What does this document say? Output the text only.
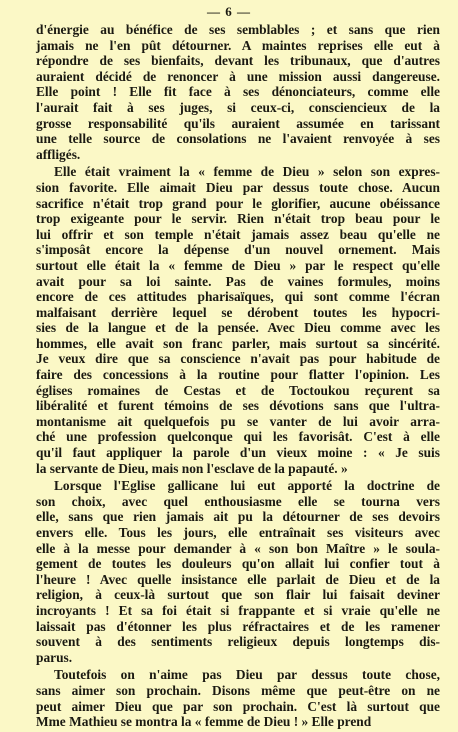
— 6 —
d'énergie au bénéfice de ses semblables ; et sans que rien
jamais ne l'en pût détourner. A maintes reprises elle eut à
répondre de ses bienfaits, devant les tribunaux, que d'autres
auraient décidé de renoncer à une mission aussi dangereuse.
Elle point ! Elle fit face à ses dénonciateurs, comme elle
l'aurait fait à ses juges, si ceux-ci, consciencieux de la
grosse responsabilité qu'ils auraient assumée en tarissant
une telle source de consolations ne l'avaient renvoyée à ses
affligés.
Elle était vraiment la « femme de Dieu » selon son expres-
sion favorite. Elle aimait Dieu par dessus toute chose. Aucun
sacrifice n'était trop grand pour le glorifier, aucune obéissance
trop exigeante pour le servir. Rien n'était trop beau pour le
lui offrir et son temple n'était jamais assez beau qu'elle ne
s'imposât encore la dépense d'un nouvel ornement. Mais
surtout elle était la « femme de Dieu » par le respect qu'elle
avait pour sa loi sainte. Pas de vaines formules, moins
encore de ces attitudes pharisaïques, qui sont comme l'écran
malfaisant derrière lequel se dérobent toutes les hypocri-
sies de la langue et de la pensée. Avec Dieu comme avec les
hommes, elle avait son franc parler, mais surtout sa sincérité.
Je veux dire que sa conscience n'avait pas pour habitude de
faire des concessions à la routine pour flatter l'opinion. Les
églises romaines de Cestas et de Toctoukou reçurent sa
libéralité et furent témoins de ses dévotions sans que l'ultra-
montanisme ait quelquefois pu se vanter de lui avoir arra-
ché une profession quelconque qui les favorisât. C'est à elle
qu'il faut appliquer la parole d'un vieux moine : « Je suis
la servante de Dieu, mais non l'esclave de la papauté. »
Lorsque l'Eglise gallicane lui eut apporté la doctrine de
son choix, avec quel enthousiasme elle se tourna vers
elle, sans que rien jamais ait pu la détourner de ses devoirs
envers elle. Tous les jours, elle entraînait ses visiteurs avec
elle à la messe pour demander à « son bon Maître » le soula-
gement de toutes les douleurs qu'on allait lui confier tout à
l'heure ! Avec quelle insistance elle parlait de Dieu et de la
religion, à ceux-là surtout que son flair lui faisait deviner
incroyants ! Et sa foi était si frappante et si vraie qu'elle ne
laissait pas d'étonner les plus réfractaires et de les ramener
souvent à des sentiments religieux depuis longtemps dis-
parus.
Toutefois on n'aime pas Dieu par dessus toute chose,
sans aimer son prochain. Disons même que peut-être on ne
peut aimer Dieu que par son prochain. C'est là surtout que
Mme Mathieu se montra la « femme de Dieu ! » Elle prend
